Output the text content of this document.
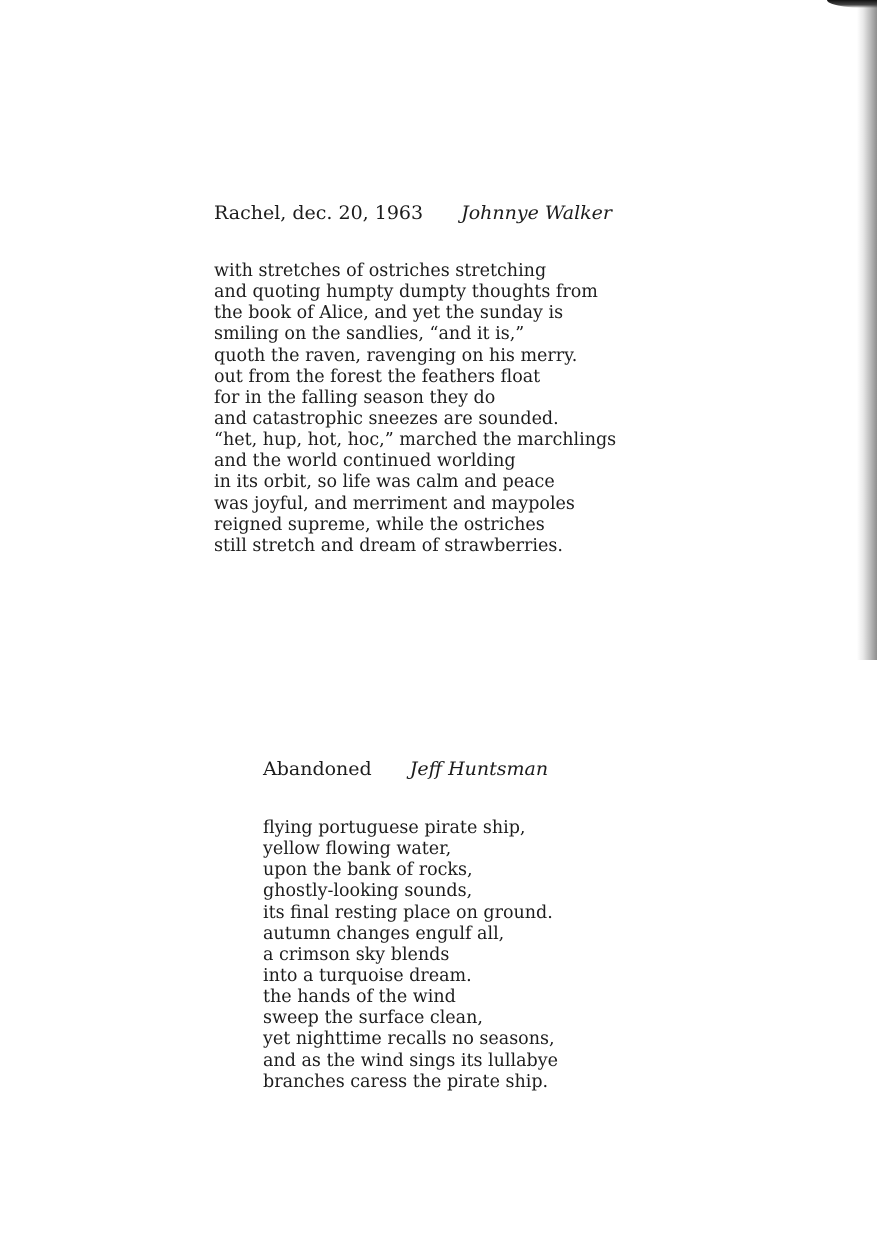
Rachel, dec. 20, 1963 Johnnye Walker
with stretches of ostriches stretching
and quoting humpty dumpty thoughts from
the book of Alice, and yet the sunday is
smiling on the sandlies, “and it is,”
quoth the raven, ravenging on his merry.
out from the forest the feathers float
for in the falling season they do
and catastrophic sneezes are sounded.
“het, hup, hot, hoc,” marched the marchlings
and the world continued worlding
in its orbit, so life was calm and peace
was joyful, and merriment and maypoles
reigned supreme, while the ostriches
still stretch and dream of strawberries.
Abandoned Jeff Huntsman
flying portuguese pirate ship,
yellow flowing water,
upon the bank of rocks,
ghostly-looking sounds,
its final resting place on ground.
autumn changes engulf all,
a crimson sky blends
into a turquoise dream.
the hands of the wind
sweep the surface clean,
yet nighttime recalls no seasons,
and as the wind sings its lullabye
branches caress the pirate ship.
